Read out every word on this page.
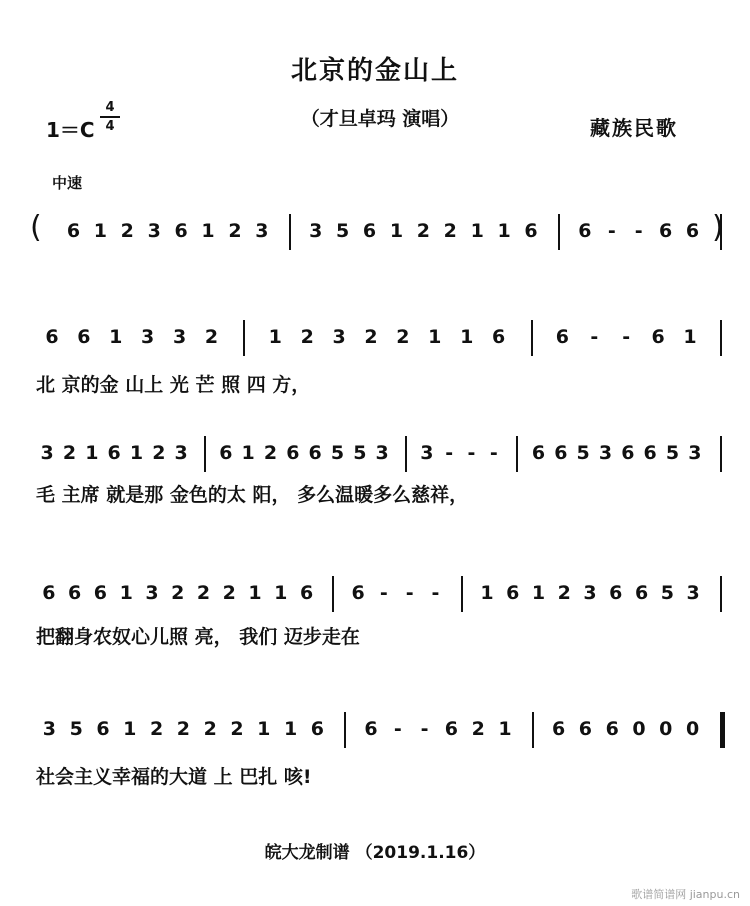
北京的金山上
1＝C
4
4	（才旦卓玛 演唱）	藏族民歌
中速
( 6 1 2 3 6 1 2 3 3 5 6 1 2 2 1 1 6 6 - - 6 6 )
6 6 1 3 3 2	1 2 3 2 2 1 1 6	6 - - 6 1
北 京的金 山上 光 芒 照 四 方，
3 2 1 6 1 2 3 6 1 2 6 6 5 5 3 3 - - - 6 6 5 3 6 6 5 3
毛 主席 就是那 金色的太 阳， 多么温暖多么慈祥，
6 6 6 1 3 2 2 2 1 1 6 6 - - - 1 6 1 2 3 6 6 5 3
把翻身农奴心儿照 亮， 我们 迈步走在
3 5 6 1 2 2 2 2 1 1 6 6 - - 6 2 1 6 6 6 0 0 0
社会主义幸福的大道 上 巴扎 咳!
皖大龙制谱 （2019.1.16）
歌谱简谱网 jianpu.cn
